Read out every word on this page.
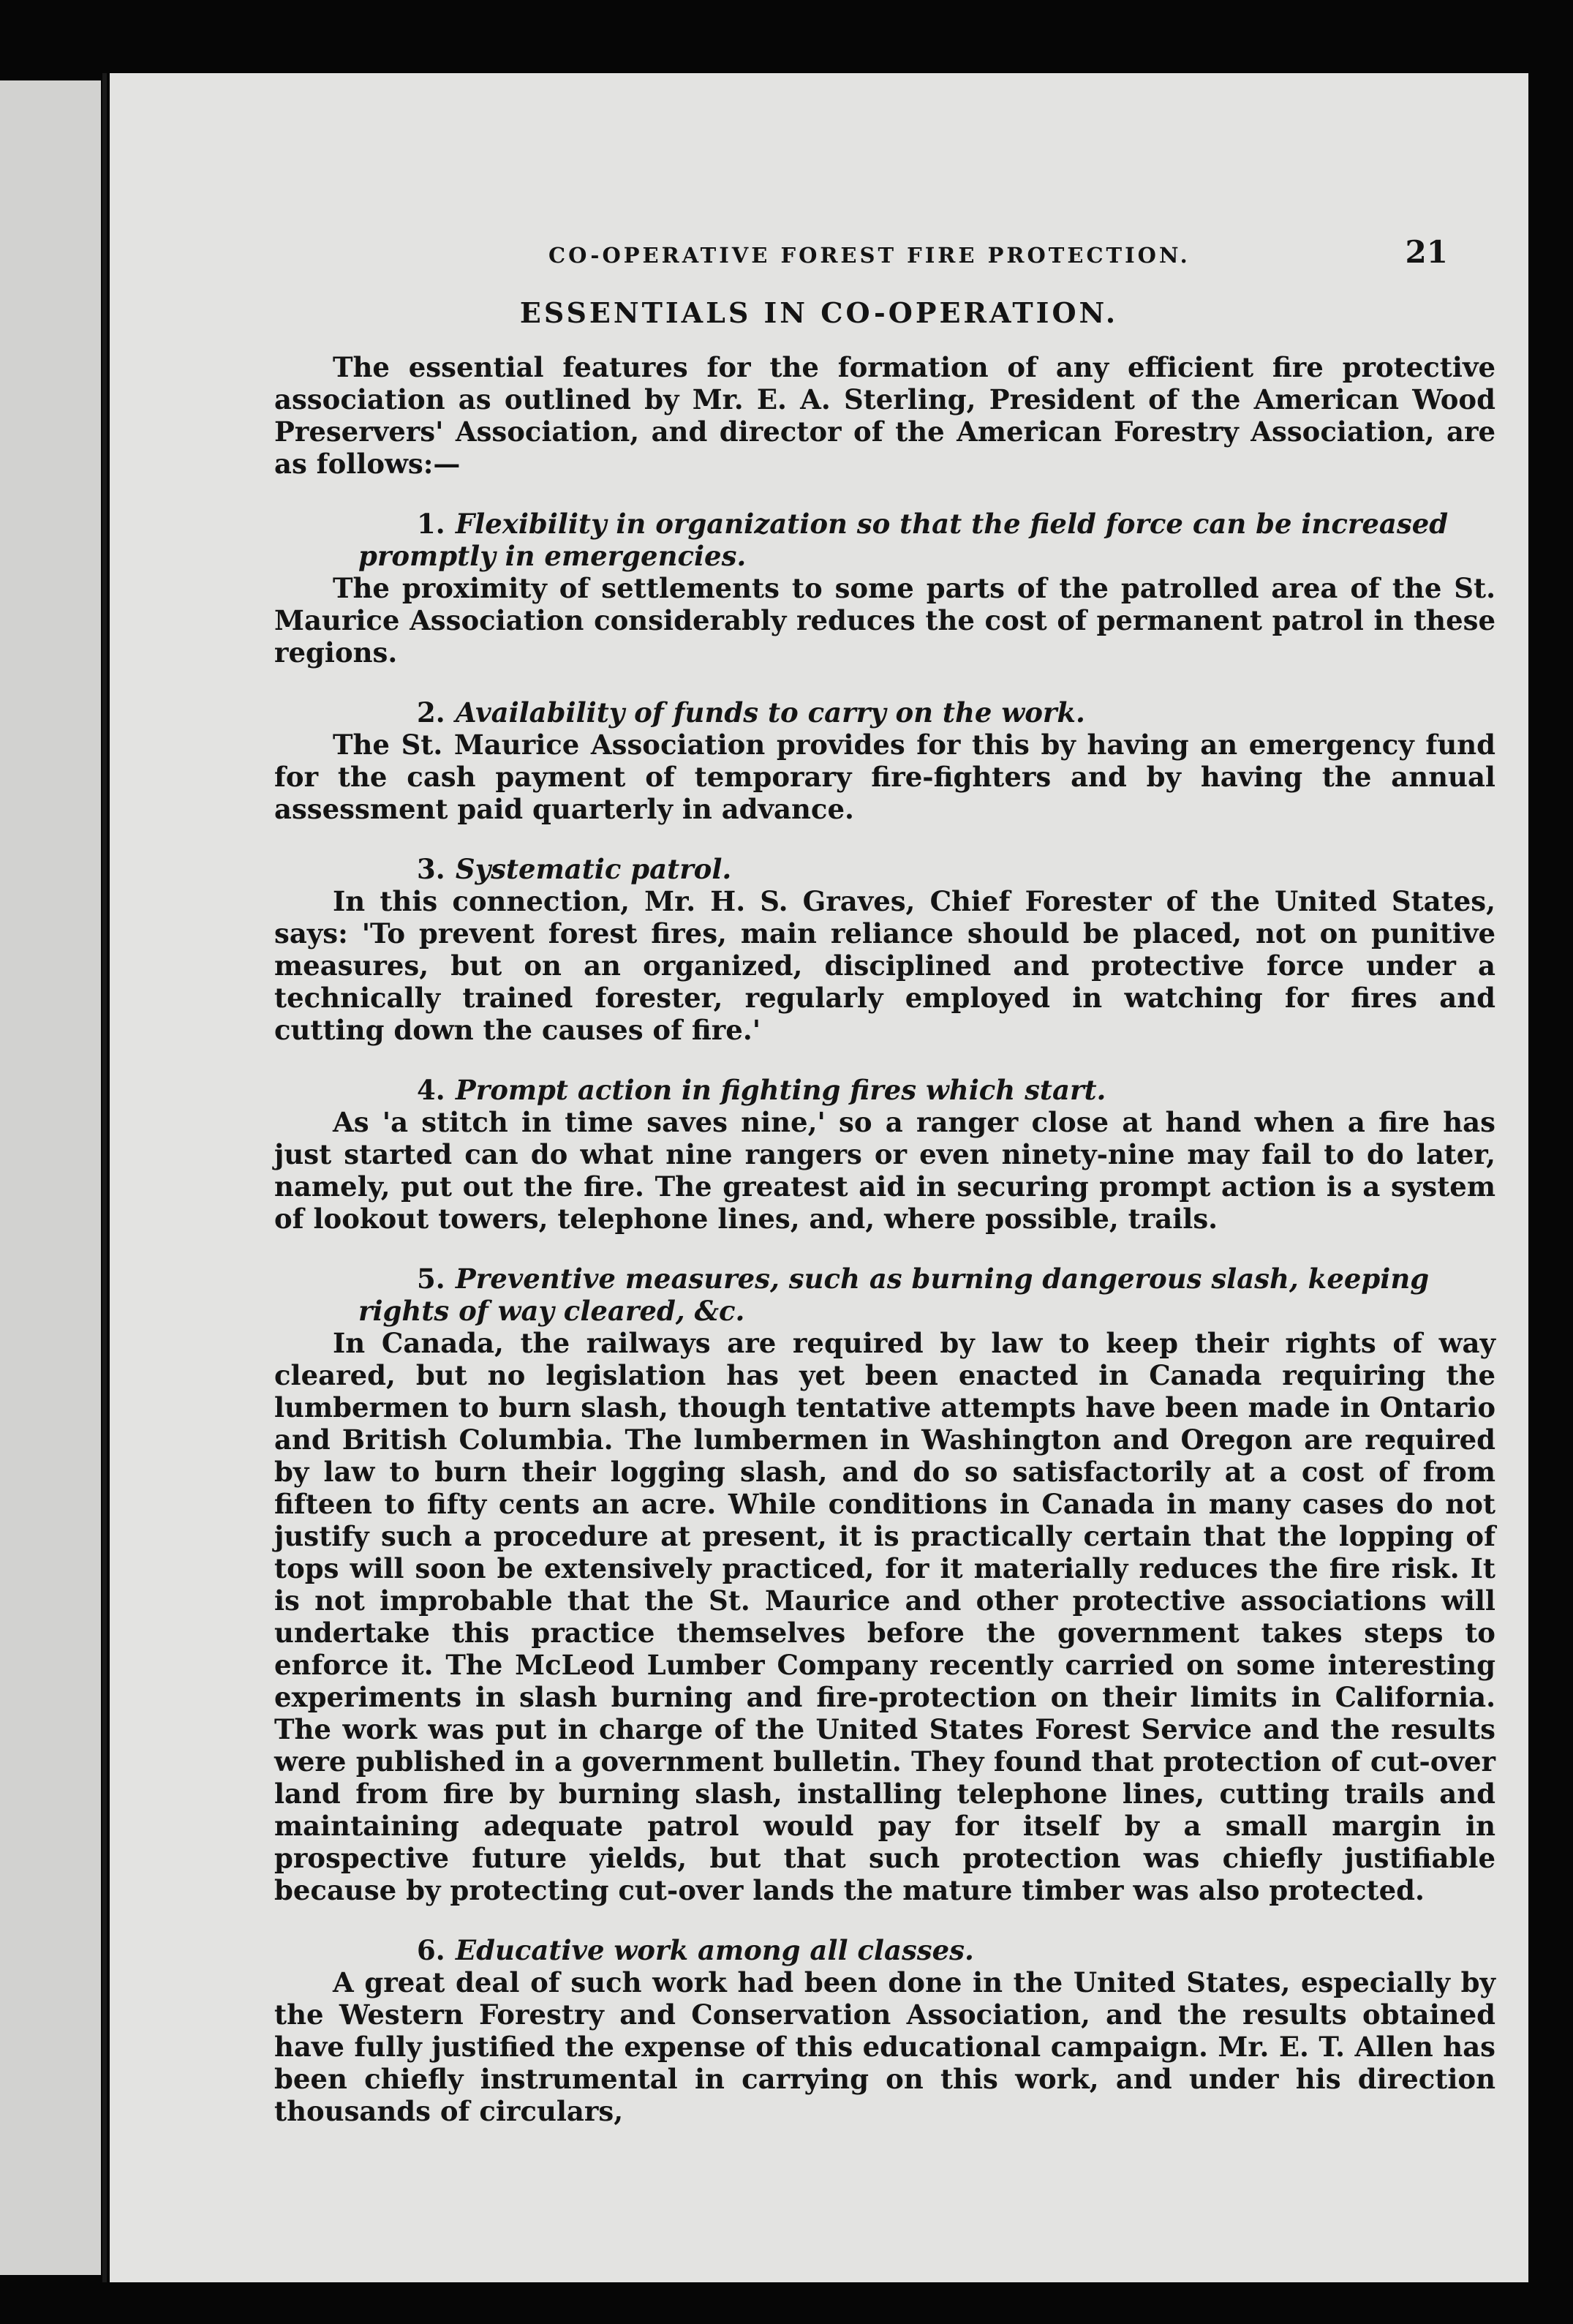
CO-OPERATIVE FOREST FIRE PROTECTION.	21
ESSENTIALS IN CO-OPERATION.

The essential features for the formation of any efficient fire protective association as outlined by Mr. E. A. Sterling, President of the American Wood Preservers' Association, and director of the American Forestry Association, are as follows:—

1. Flexibility in organization so that the field force can be increased promptly in emergencies.

The proximity of settlements to some parts of the patrolled area of the St. Maurice Association considerably reduces the cost of permanent patrol in these regions.

2. Availability of funds to carry on the work.

The St. Maurice Association provides for this by having an emergency fund for the cash payment of temporary fire-fighters and by having the annual assessment paid quarterly in advance.

3. Systematic patrol.

In this connection, Mr. H. S. Graves, Chief Forester of the United States, says: 'To prevent forest fires, main reliance should be placed, not on punitive measures, but on an organized, disciplined and protective force under a technically trained forester, regularly employed in watching for fires and cutting down the causes of fire.'

4. Prompt action in fighting fires which start.

As 'a stitch in time saves nine,' so a ranger close at hand when a fire has just started can do what nine rangers or even ninety-nine may fail to do later, namely, put out the fire. The greatest aid in securing prompt action is a system of lookout towers, telephone lines, and, where possible, trails.

5. Preventive measures, such as burning dangerous slash, keeping rights of way cleared, &c.

In Canada, the railways are required by law to keep their rights of way cleared, but no legislation has yet been enacted in Canada requiring the lumbermen to burn slash, though tentative attempts have been made in Ontario and British Columbia. The lumbermen in Washington and Oregon are required by law to burn their logging slash, and do so satisfactorily at a cost of from fifteen to fifty cents an acre. While conditions in Canada in many cases do not justify such a procedure at present, it is practically certain that the lopping of tops will soon be extensively practiced, for it materially reduces the fire risk. It is not improbable that the St. Maurice and other protective associations will undertake this practice themselves before the government takes steps to enforce it. The McLeod Lumber Company recently carried on some interesting experiments in slash burning and fire-protection on their limits in California. The work was put in charge of the United States Forest Service and the results were published in a government bulletin. They found that protection of cut-over land from fire by burning slash, installing telephone lines, cutting trails and maintaining adequate patrol would pay for itself by a small margin in prospective future yields, but that such protection was chiefly justifiable because by protecting cut-over lands the mature timber was also protected.

6. Educative work among all classes.

A great deal of such work had been done in the United States, especially by the Western Forestry and Conservation Association, and the results obtained have fully justified the expense of this educational campaign. Mr. E. T. Allen has been chiefly instrumental in carrying on this work, and under his direction thousands of circulars,
